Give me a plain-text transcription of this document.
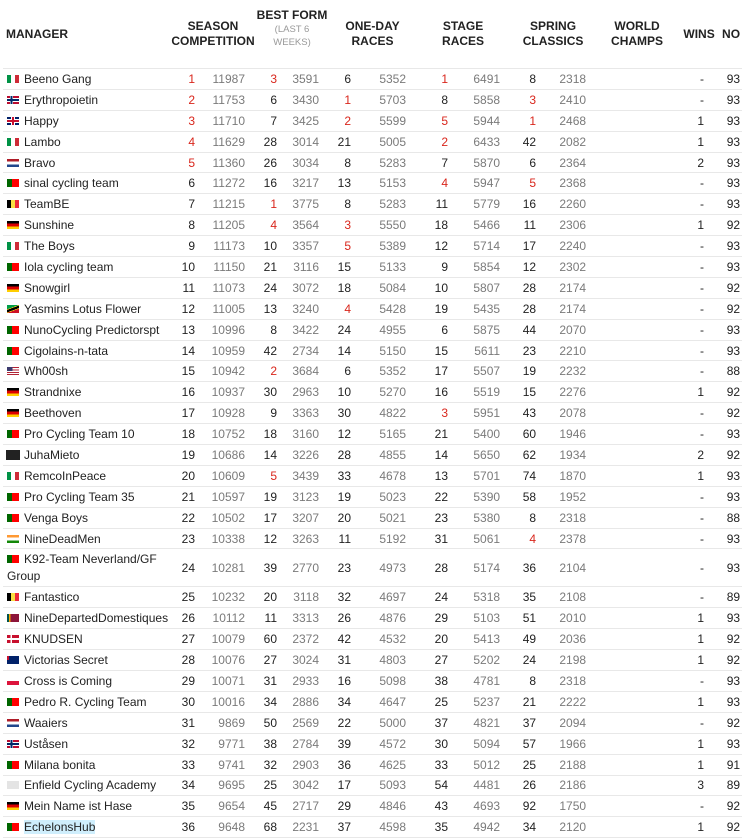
MANAGER	SEASON
COMPETITION		BEST FORM
(LAST 6
WEEKS)		ONE-DAY
RACES		STAGE
RACES		SPRING
CLASSICS		WORLD
CHAMPS	WINS	NO
Beeno Gang	1	11987	3	3591	6	5352	1	6491	8	2318		-	93
Erythropoietin	2	11753	6	3430	1	5703	8	5858	3	2410		-	93
Happy	3	11710	7	3425	2	5599	5	5944	1	2468		1	93
Lambo	4	11629	28	3014	21	5005	2	6433	42	2082		1	93
Bravo	5	11360	26	3034	8	5283	7	5870	6	2364		2	93
sinal cycling team	6	11272	16	3217	13	5153	4	5947	5	2368		-	93
TeamBE	7	11215	1	3775	8	5283	11	5779	16	2260		-	93
Sunshine	8	11205	4	3564	3	5550	18	5466	11	2306		1	92
The Boys	9	11173	10	3357	5	5389	12	5714	17	2240		-	93
Iola cycling team	10	11150	21	3116	15	5133	9	5854	12	2302		-	93
Snowgirl	11	11073	24	3072	18	5084	10	5807	28	2174		-	92
Yasmins Lotus Flower	12	11005	13	3240	4	5428	19	5435	28	2174		-	92
NunoCycling Predictorspt	13	10996	8	3422	24	4955	6	5875	44	2070		-	93
Cigolains-n-tata	14	10959	42	2734	14	5150	15	5611	23	2210		-	93
Wh00sh	15	10942	2	3684	6	5352	17	5507	19	2232		-	88
Strandnixe	16	10937	30	2963	10	5270	16	5519	15	2276		1	92
Beethoven	17	10928	9	3363	30	4822	3	5951	43	2078		-	92
Pro Cycling Team 10	18	10752	18	3160	12	5165	21	5400	60	1946		-	93
JuhaMieto	19	10686	14	3226	28	4855	14	5650	62	1934		2	92
RemcoInPeace	20	10609	5	3439	33	4678	13	5701	74	1870		1	93
Pro Cycling Team 35	21	10597	19	3123	19	5023	22	5390	58	1952		-	93
Venga Boys	22	10502	17	3207	20	5021	23	5380	8	2318		-	88
NineDeadMen	23	10338	12	3263	11	5192	31	5061	4	2378		-	93
K92-Team Neverland/GF Group	24	10281	39	2770	23	4973	28	5174	36	2104		-	93
Fantastico	25	10232	20	3118	32	4697	24	5318	35	2108		-	89
NineDepartedDomestiques	26	10112	11	3313	26	4876	29	5103	51	2010		1	93
KNUDSEN	27	10079	60	2372	42	4532	20	5413	49	2036		1	92
Victorias Secret	28	10076	27	3024	31	4803	27	5202	24	2198		1	92
Cross is Coming	29	10071	31	2933	16	5098	38	4781	8	2318		-	93
Pedro R. Cycling Team	30	10016	34	2886	34	4647	25	5237	21	2222		1	93
Waaiers	31	9869	50	2569	22	5000	37	4821	37	2094		-	92
Uståsen	32	9771	38	2784	39	4572	30	5094	57	1966		1	93
Milana bonita	33	9741	32	2903	36	4625	33	5012	25	2188		1	91
Enfield Cycling Academy	34	9695	25	3042	17	5093	54	4481	26	2186		3	89
Mein Name ist Hase	35	9654	45	2717	29	4846	43	4693	92	1750		-	92
EchelonsHub	36	9648	68	2231	37	4598	35	4942	34	2120		1	92
